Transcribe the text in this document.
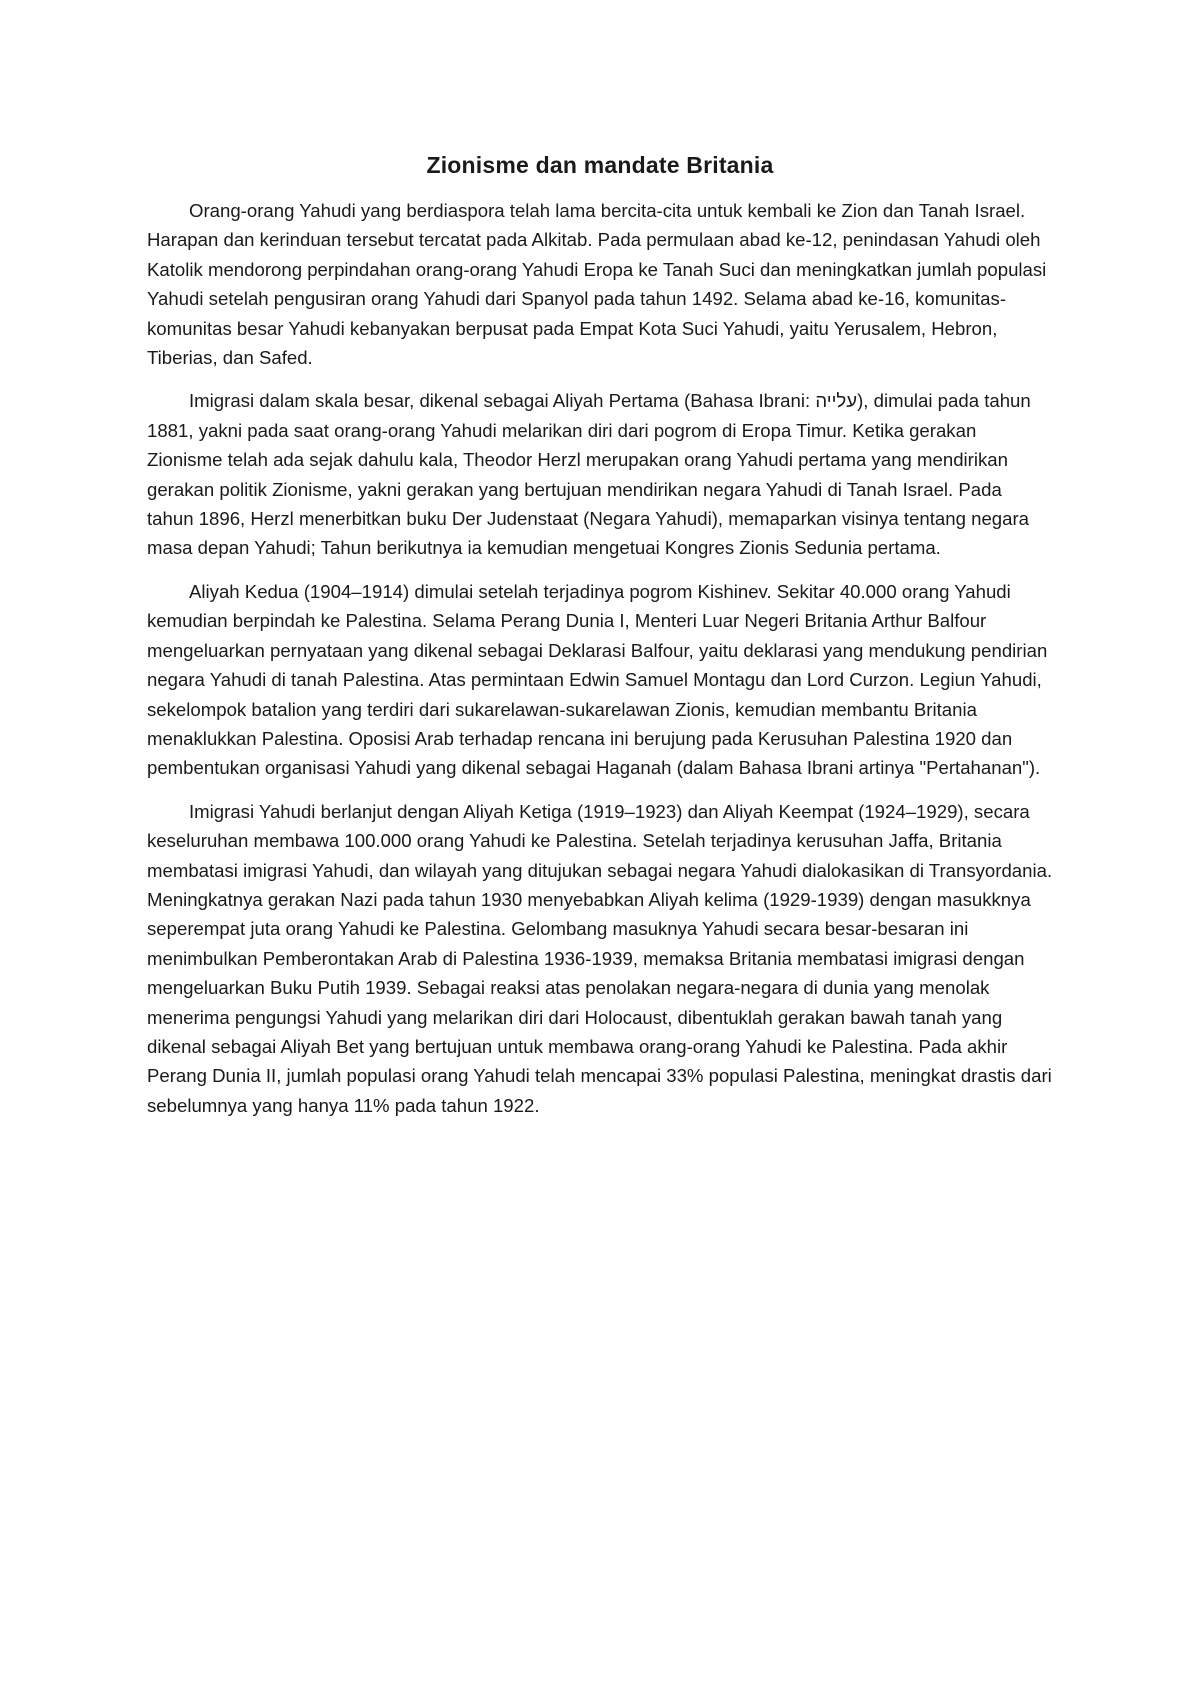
Zionisme dan mandate Britania

Orang-orang Yahudi yang berdiaspora telah lama bercita-cita untuk kembali ke Zion dan Tanah Israel. Harapan dan kerinduan tersebut tercatat pada Alkitab. Pada permulaan abad ke-12, penindasan Yahudi oleh Katolik mendorong perpindahan orang-orang Yahudi Eropa ke Tanah Suci dan meningkatkan jumlah populasi Yahudi setelah pengusiran orang Yahudi dari Spanyol pada tahun 1492. Selama abad ke-16, komunitas-komunitas besar Yahudi kebanyakan berpusat pada Empat Kota Suci Yahudi, yaitu Yerusalem, Hebron, Tiberias, dan Safed.

Imigrasi dalam skala besar, dikenal sebagai Aliyah Pertama (Bahasa Ibrani: עלייה), dimulai pada tahun 1881, yakni pada saat orang-orang Yahudi melarikan diri dari pogrom di Eropa Timur. Ketika gerakan Zionisme telah ada sejak dahulu kala, Theodor Herzl merupakan orang Yahudi pertama yang mendirikan gerakan politik Zionisme, yakni gerakan yang bertujuan mendirikan negara Yahudi di Tanah Israel. Pada tahun 1896, Herzl menerbitkan buku Der Judenstaat (Negara Yahudi), memaparkan visinya tentang negara masa depan Yahudi; Tahun berikutnya ia kemudian mengetuai Kongres Zionis Sedunia pertama.

Aliyah Kedua (1904–1914) dimulai setelah terjadinya pogrom Kishinev. Sekitar 40.000 orang Yahudi kemudian berpindah ke Palestina. Selama Perang Dunia I, Menteri Luar Negeri Britania Arthur Balfour mengeluarkan pernyataan yang dikenal sebagai Deklarasi Balfour, yaitu deklarasi yang mendukung pendirian negara Yahudi di tanah Palestina. Atas permintaan Edwin Samuel Montagu dan Lord Curzon. Legiun Yahudi, sekelompok batalion yang terdiri dari sukarelawan-sukarelawan Zionis, kemudian membantu Britania menaklukkan Palestina. Oposisi Arab terhadap rencana ini berujung pada Kerusuhan Palestina 1920 dan pembentukan organisasi Yahudi yang dikenal sebagai Haganah (dalam Bahasa Ibrani artinya "Pertahanan").

Imigrasi Yahudi berlanjut dengan Aliyah Ketiga (1919–1923) dan Aliyah Keempat (1924–1929), secara keseluruhan membawa 100.000 orang Yahudi ke Palestina. Setelah terjadinya kerusuhan Jaffa, Britania membatasi imigrasi Yahudi, dan wilayah yang ditujukan sebagai negara Yahudi dialokasikan di Transyordania. Meningkatnya gerakan Nazi pada tahun 1930 menyebabkan Aliyah kelima (1929-1939) dengan masukknya seperempat juta orang Yahudi ke Palestina. Gelombang masuknya Yahudi secara besar-besaran ini menimbulkan Pemberontakan Arab di Palestina 1936-1939, memaksa Britania membatasi imigrasi dengan mengeluarkan Buku Putih 1939. Sebagai reaksi atas penolakan negara-negara di dunia yang menolak menerima pengungsi Yahudi yang melarikan diri dari Holocaust, dibentuklah gerakan bawah tanah yang dikenal sebagai Aliyah Bet yang bertujuan untuk membawa orang-orang Yahudi ke Palestina. Pada akhir Perang Dunia II, jumlah populasi orang Yahudi telah mencapai 33% populasi Palestina, meningkat drastis dari sebelumnya yang hanya 11% pada tahun 1922.
